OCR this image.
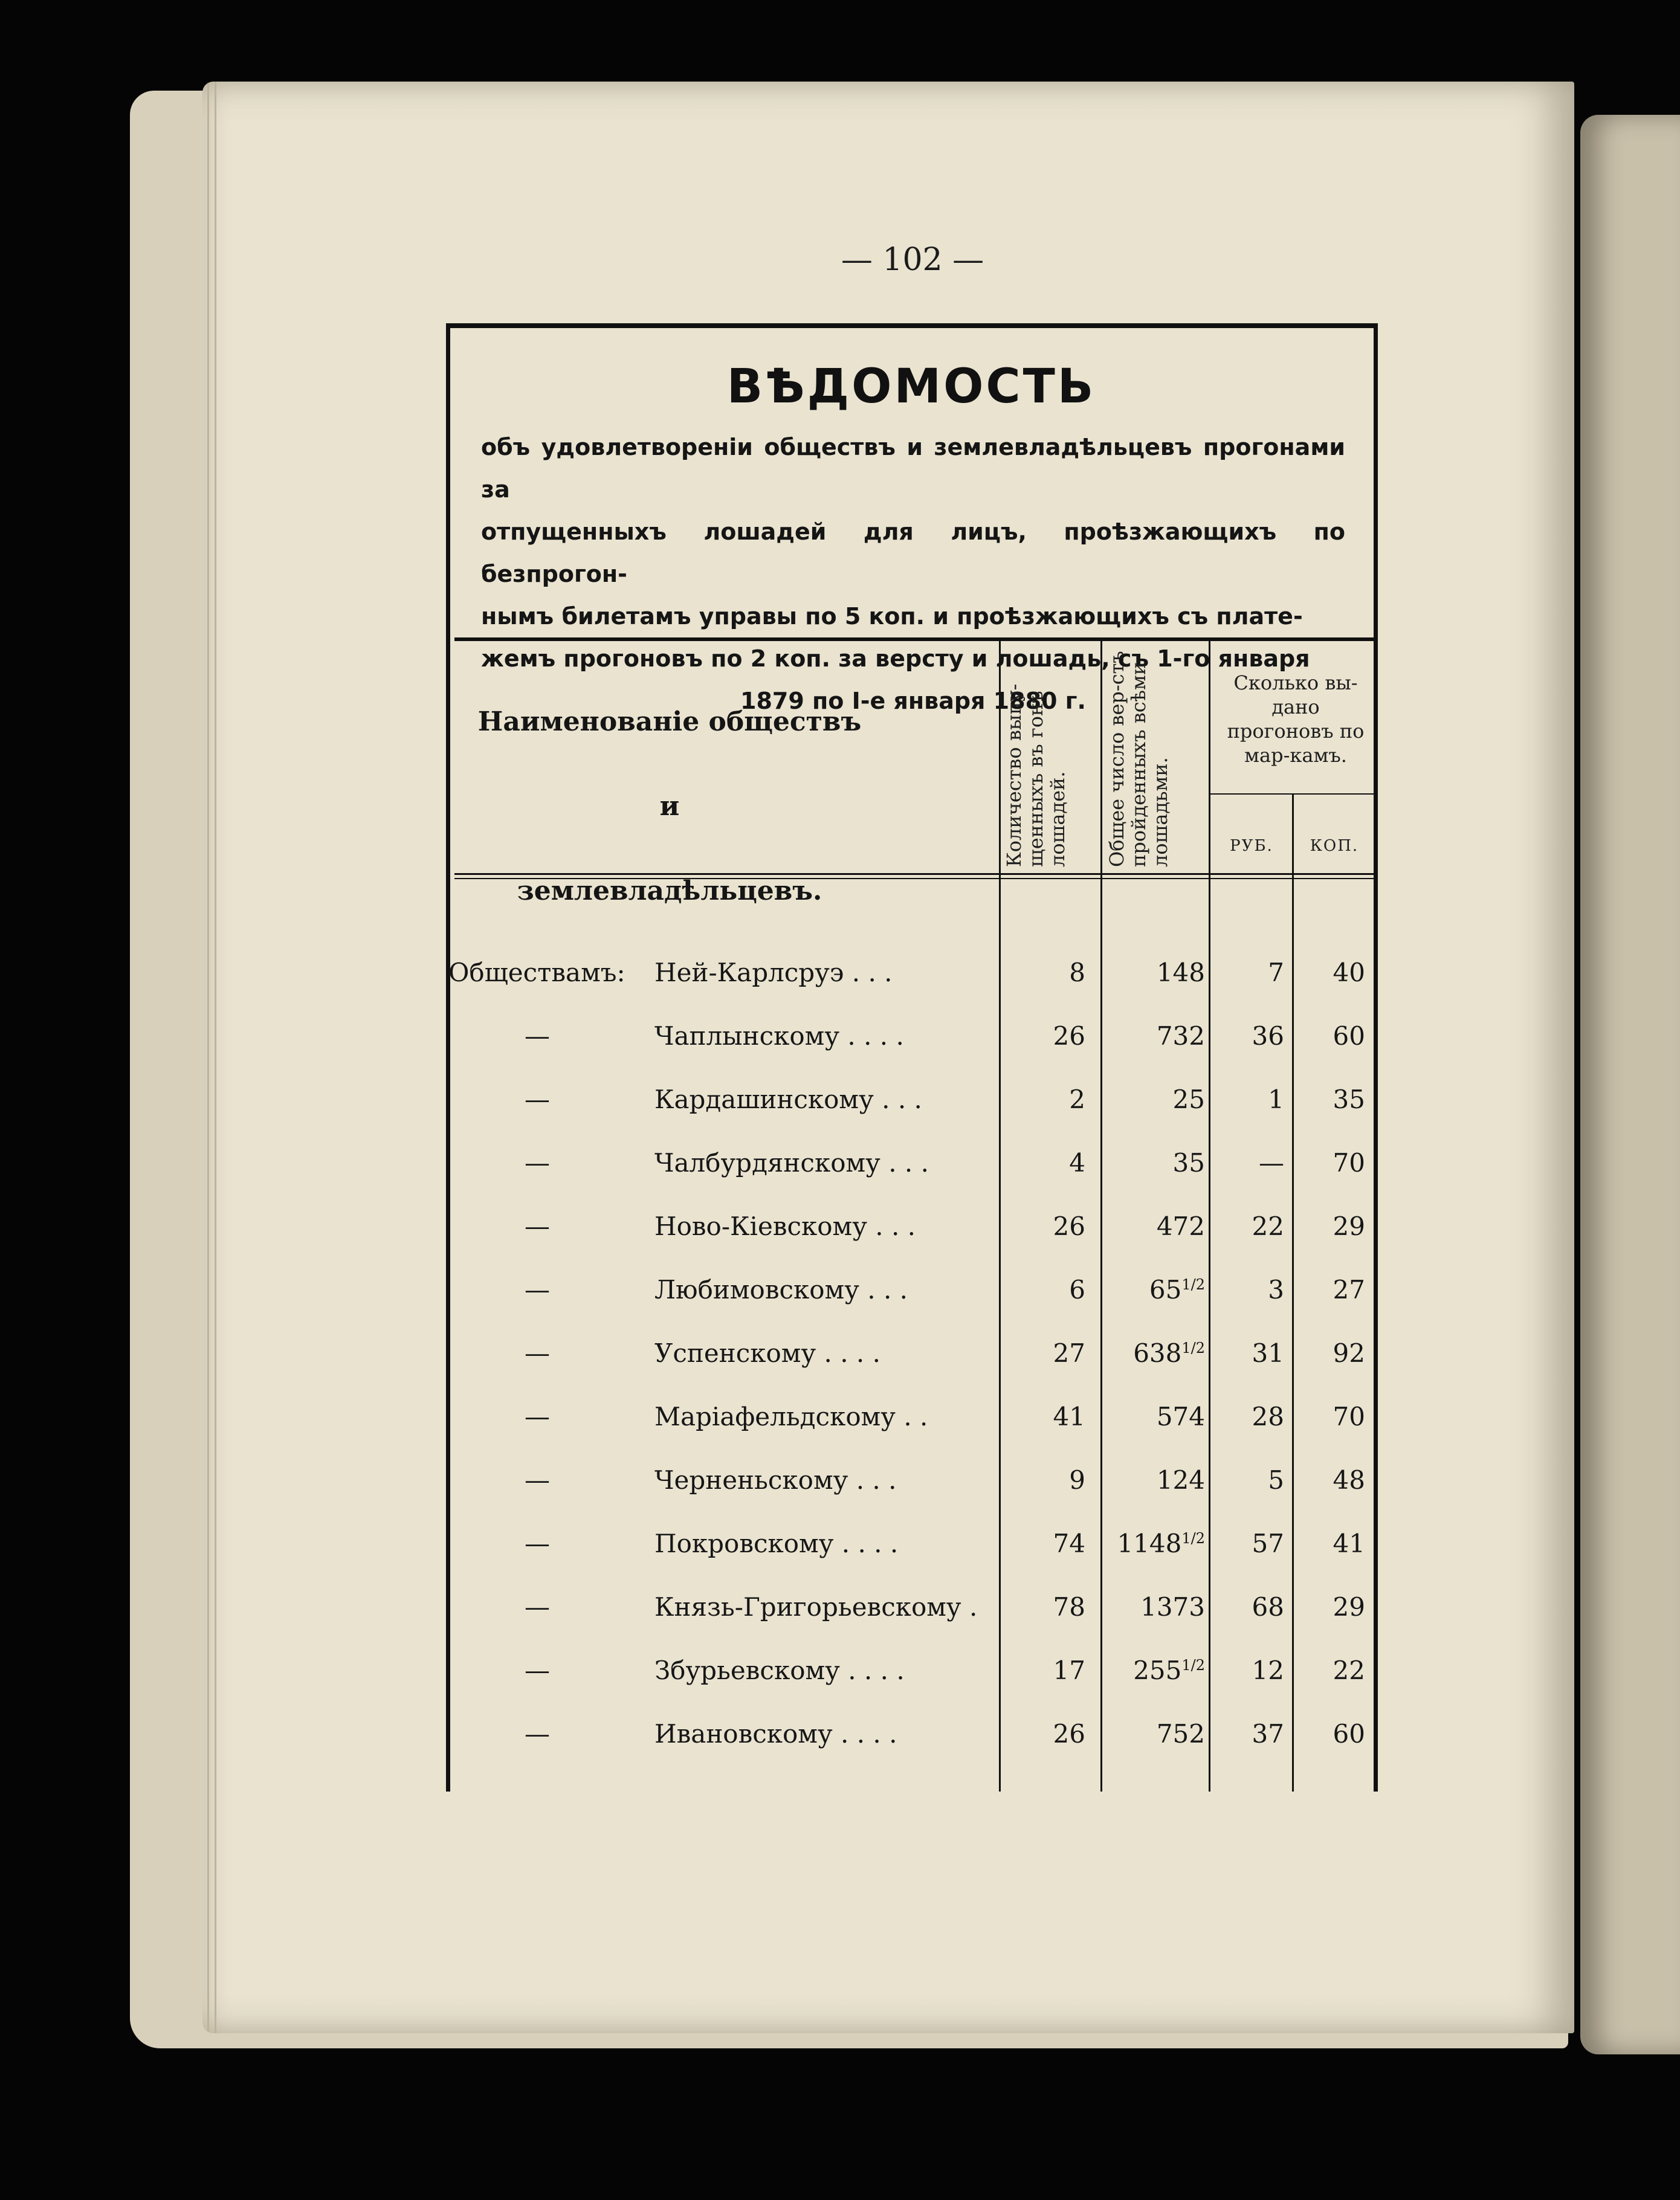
— 102 —
ВѢДОМОСТЬ
объ удовлетворенiи обществъ и землевладѣльцевъ прогонами за
отпущенныхъ лошадей для лицъ, проѣзжающихъ по безпрогон-
нымъ билетамъ управы по 5 коп. и проѣзжающихъ съ плате-
жемъ прогоновъ по 2 коп. за версту и лошадь, съ 1-го января
1879 по I-е января 1880 г.
Наименованiе обществъ и
землевладѣльцевъ.
Количество выпу-щенныхъ въ гонъ лошадей.	Общее число вер-стъ пройденныхъ всѣми лошадьми.
Сколько вы-дано прогоновъ по мар-камъ.
РУБ.	КОП.
Обществамъ:	Ней-Карлсруэ . . .	8	148	7	40
—	Чаплынскому . . . .	26	732	36	60
—	Кардашинскому . . .	2	25	1	35
—	Чалбурдянскому . . .	4	35	—	70
—	Ново-Кiевскому . . .	26	472	22	29
—	Любимовскому . . .	6	$65^{1/2}$	3	27
—	Успенскому . . . .	27	$638^{1/2}$	31	92
—	Марiафельдскому . .	41	574	28	70
—	Черненьскому . . .	9	124	5	48
—	Покровскому . . . .	74	$1148^{1/2}$	57	41
—	Князь-Григорьевскому .	78	1373	68	29
—	Збурьевскому . . . .	17	$255^{1/2}$	12	22
—	Ивановскому . . . .	26	752	37	60
